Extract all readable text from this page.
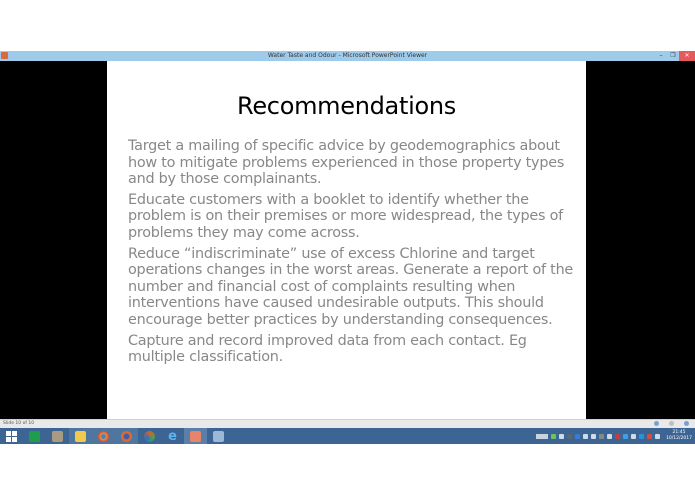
Water Taste and Odour - Microsoft PowerPoint Viewer	–	❐	✕
Recommendations

Target a mailing of specific advice by geodemographics about how to mitigate problems experienced in those property types and by those complainants.

Educate customers with a booklet to identify whether the problem is on their premises or more widespread, the types of problems they may come across.

Reduce “indiscriminate” use of excess Chlorine and target operations changes in the worst areas. Generate a report of the number and financial cost of complaints resulting when interventions have caused undesirable outputs. This should encourage better practices by understanding consequences.

Capture and record improved data from each contact. Eg multiple classification.

Slide 10 of 10
e	21:45
10/12/2017
